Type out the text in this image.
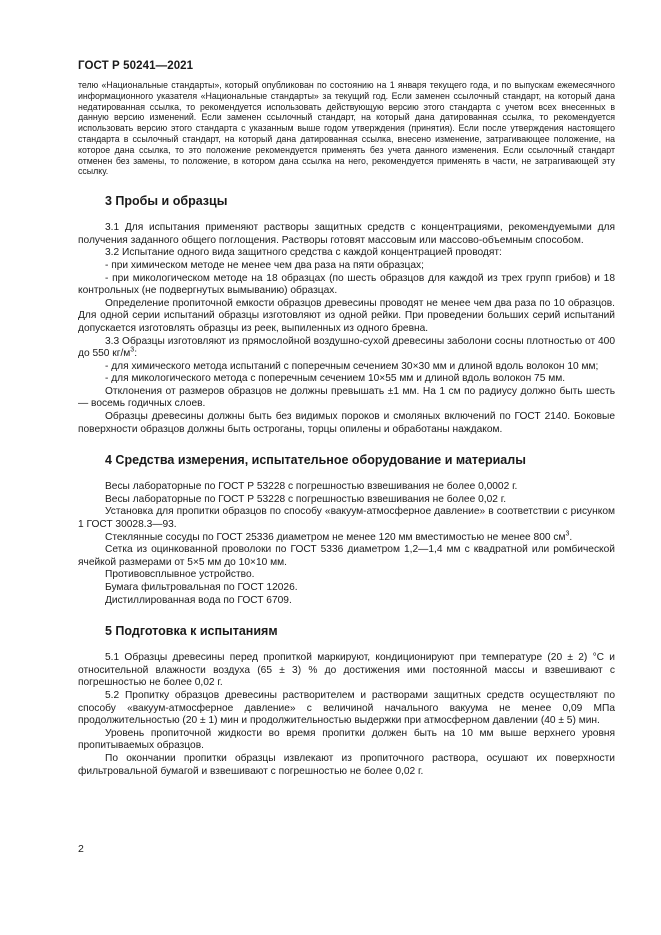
ГОСТ Р 50241—2021

телю «Национальные стандарты», который опубликован по состоянию на 1 января текущего года, и по выпускам ежемесячного информационного указателя «Национальные стандарты» за текущий год. Если заменен ссылочный стандарт, на который дана недатированная ссылка, то рекомендуется использовать действующую версию этого стандарта с учетом всех внесенных в данную версию изменений. Если заменен ссылочный стандарт, на который дана датированная ссылка, то рекомендуется использовать версию этого стандарта с указанным выше годом утверждения (принятия). Если после утверждения настоящего стандарта в ссылочный стандарт, на который дана датированная ссылка, внесено изменение, затрагивающее положение, на которое дана ссылка, то это положение рекомендуется применять без учета данного изменения. Если ссылочный стандарт отменен без замены, то положение, в котором дана ссылка на него, рекомендуется применять в части, не затрагивающей эту ссылку.

3 Пробы и образцы

3.1 Для испытания применяют растворы защитных средств с концентрациями, рекомендуемыми для получения заданного общего поглощения. Растворы готовят массовым или массово-объемным способом.

3.2 Испытание одного вида защитного средства с каждой концентрацией проводят:

- при химическом методе не менее чем два раза на пяти образцах;

- при микологическом методе на 18 образцах (по шесть образцов для каждой из трех групп грибов) и 18 контрольных (не подвергнутых вымыванию) образцах.

Определение пропиточной емкости образцов древесины проводят не менее чем два раза по 10 образцов. Для одной серии испытаний образцы изготовляют из одной рейки. При проведении больших серий испытаний допускается изготовлять образцы из реек, выпиленных из одного бревна.

3.3 Образцы изготовляют из прямослойной воздушно-сухой древесины заболони сосны плотностью от 400 до 550 $кг/м^3$:

- для химического метода испытаний с поперечным сечением 30×30 мм и длиной вдоль волокон 10 мм;

- для микологического метода с поперечным сечением 10×55 мм и длиной вдоль волокон 75 мм.

Отклонения от размеров образцов не должны превышать ±1 мм. На 1 см по радиусу должно быть шесть — восемь годичных слоев.

Образцы древесины должны быть без видимых пороков и смоляных включений по ГОСТ 2140. Боковые поверхности образцов должны быть остроганы, торцы опилены и обработаны наждаком.

4 Средства измерения, испытательное оборудование и материалы

Весы лабораторные по ГОСТ Р 53228 с погрешностью взвешивания не более 0,0002 г.

Весы лабораторные по ГОСТ Р 53228 с погрешностью взвешивания не более 0,02 г.

Установка для пропитки образцов по способу «вакуум-атмосферное давление» в соответствии с рисунком 1 ГОСТ 30028.3—93.

Стеклянные сосуды по ГОСТ 25336 диаметром не менее 120 мм вместимостью не менее 800 $см^3$.

Сетка из оцинкованной проволоки по ГОСТ 5336 диаметром 1,2—1,4 мм с квадратной или ромбической ячейкой размерами от 5×5 мм до 10×10 мм.

Противовсплывное устройство.

Бумага фильтровальная по ГОСТ 12026.

Дистиллированная вода по ГОСТ 6709.

5 Подготовка к испытаниям

5.1 Образцы древесины перед пропиткой маркируют, кондиционируют при температуре (20 ± 2) °С и относительной влажности воздуха (65 ± 3) % до достижения ими постоянной массы и взвешивают с погрешностью не более 0,02 г.

5.2 Пропитку образцов древесины растворителем и растворами защитных средств осуществляют по способу «вакуум-атмосферное давление» с величиной начального вакуума не менее 0,09 МПа продолжительностью (20 ± 1) мин и продолжительностью выдержки при атмосферном давлении (40 ± 5) мин.

Уровень пропиточной жидкости во время пропитки должен быть на 10 мм выше верхнего уровня пропитываемых образцов.

По окончании пропитки образцы извлекают из пропиточного раствора, осушают их поверхности фильтровальной бумагой и взвешивают с погрешностью не более 0,02 г.

2
